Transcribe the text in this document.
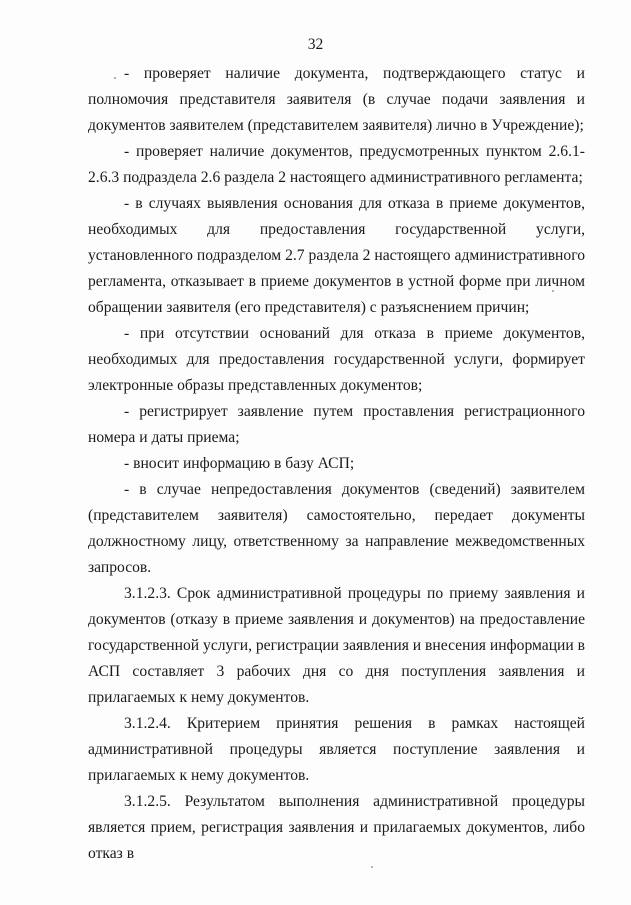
32

- проверяет наличие документа, подтверждающего статус и полномочия представителя заявителя (в случае подачи заявления и документов заявителем (представителем заявителя) лично в Учреждение);

- проверяет наличие документов, предусмотренных пунктом 2.6.1-2.6.3 подраздела 2.6 раздела 2 настоящего административного регламента;

- в случаях выявления основания для отказа в приеме документов, необходимых для предоставления государственной услуги, установленного подразделом 2.7 раздела 2 настоящего административного регламента, отказывает в приеме документов в устной форме при личном обращении заявителя (его представителя) с разъяснением причин;

- при отсутствии оснований для отказа в приеме документов, необходимых для предоставления государственной услуги, формирует электронные образы представленных документов;

- регистрирует заявление путем проставления регистрационного номера и даты приема;

- вносит информацию в базу АСП;

- в случае непредоставления документов (сведений) заявителем (представителем заявителя) самостоятельно, передает документы должностному лицу, ответственному за направление межведомственных запросов.

3.1.2.3. Срок административной процедуры по приему заявления и документов (отказу в приеме заявления и документов) на предоставление государственной услуги, регистрации заявления и внесения информации в АСП составляет 3 рабочих дня со дня поступления заявления и прилагаемых к нему документов.

3.1.2.4. Критерием принятия решения в рамках настоящей административной процедуры является поступление заявления и прилагаемых к нему документов.

3.1.2.5. Результатом выполнения административной процедуры является прием, регистрация заявления и прилагаемых документов, либо отказ в
